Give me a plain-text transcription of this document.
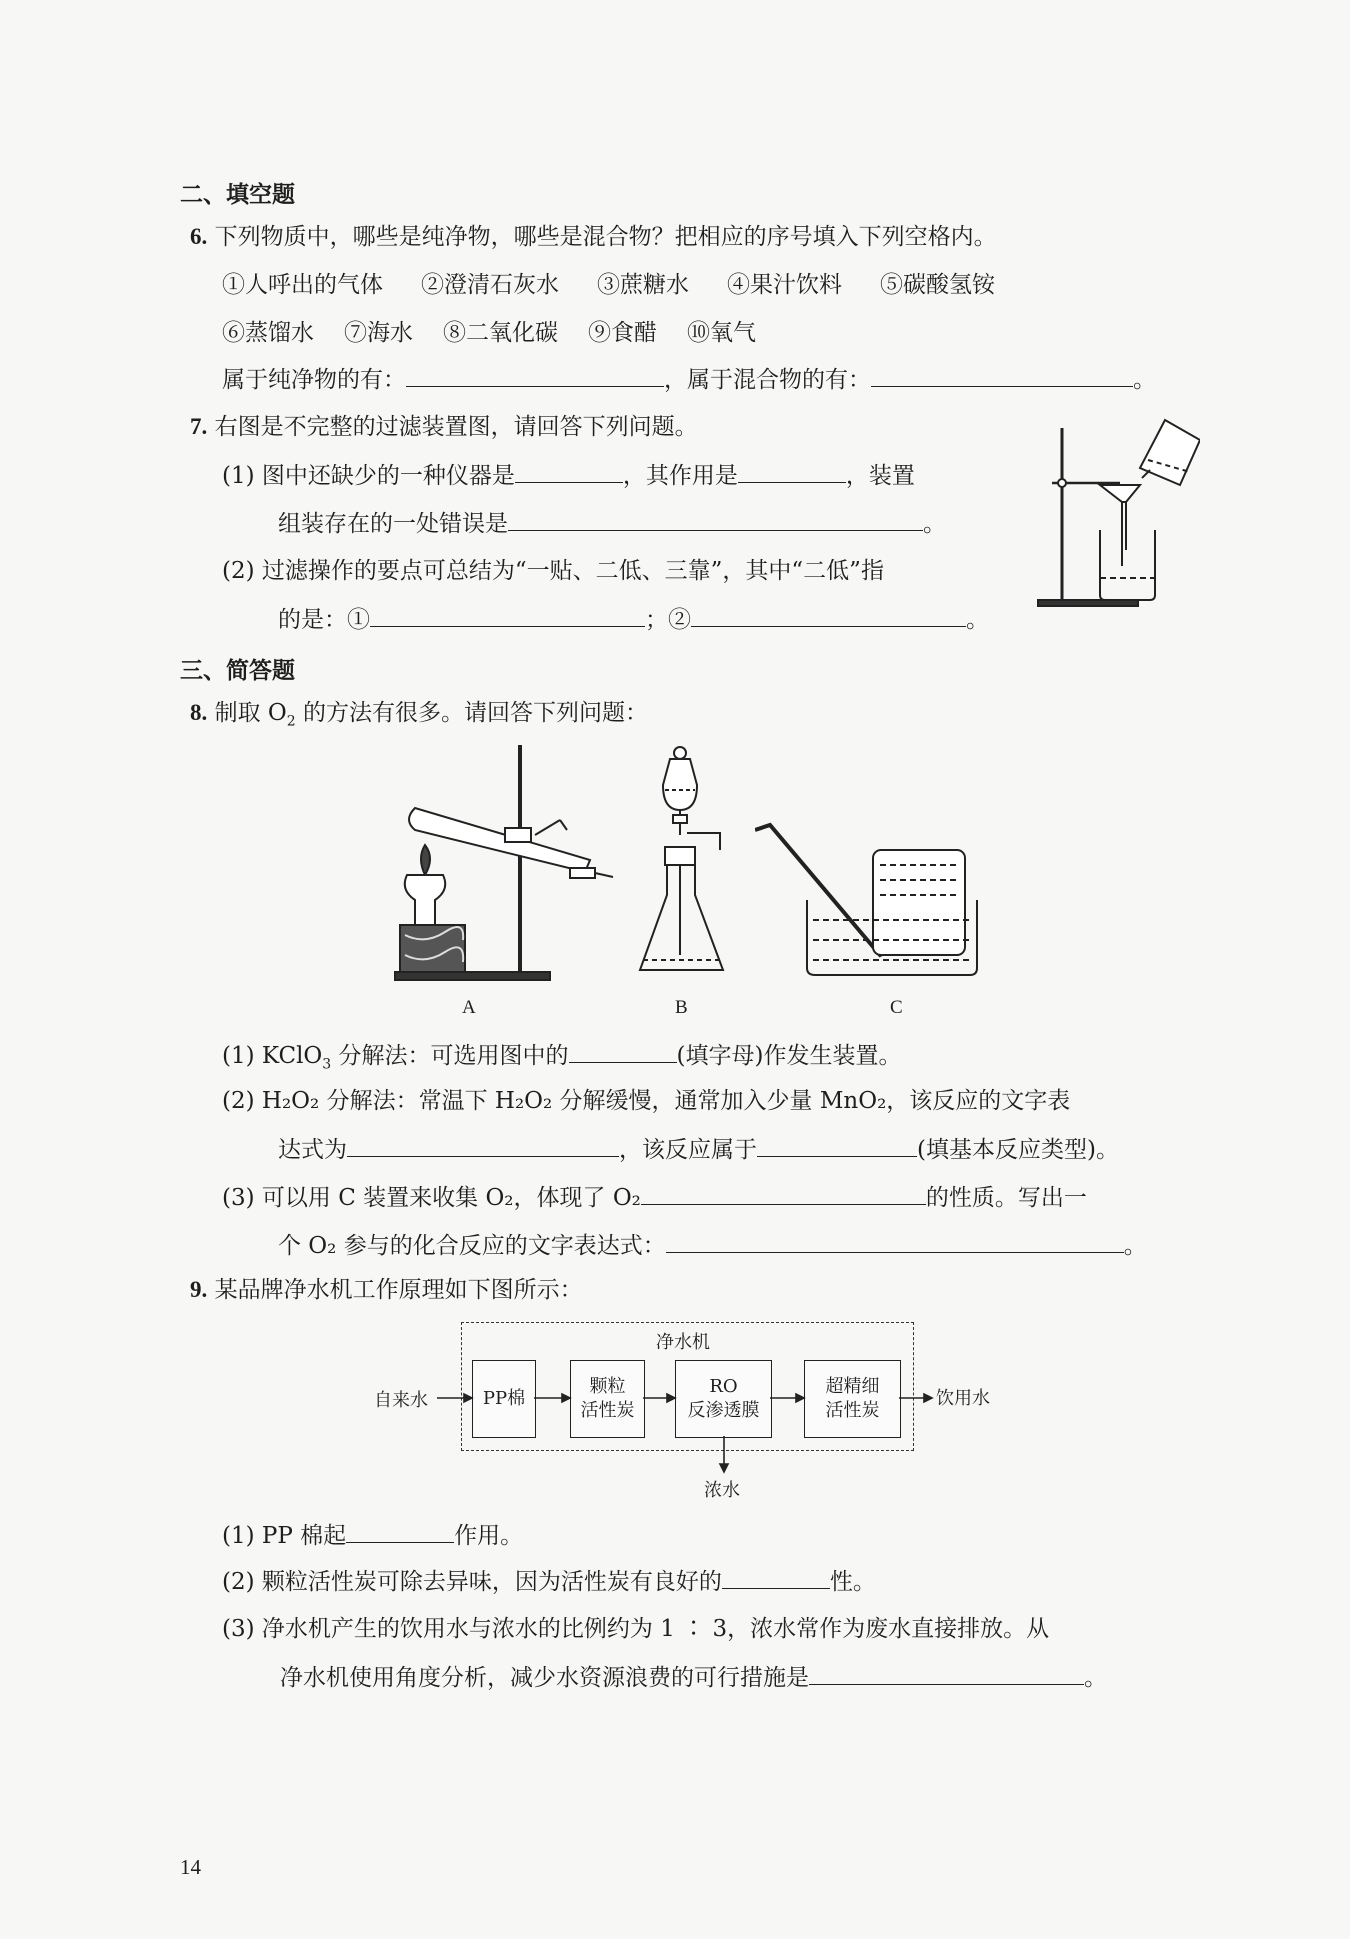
二、填空题
6. 下列物质中，哪些是纯净物，哪些是混合物？把相应的序号填入下列空格内。
①人呼出的气体 ②澄清石灰水 ③蔗糖水 ④果汁饮料 ⑤碳酸氢铵
⑥蒸馏水 ⑦海水 ⑧二氧化碳 ⑨食醋 ⑩氧气
属于纯净物的有：	，属于混合物的有：	。
7. 右图是不完整的过滤装置图，请回答下列问题。
(1) 图中还缺少的一种仪器是	，其作用是	，装置
组装存在的一处错误是	。
(2) 过滤操作的要点可总结为“一贴、二低、三靠”，其中“二低”指
的是：①	；②	。
三、简答题
8. 制取 $O_2$ 的方法有很多。请回答下列问题：
A	B	C
(1) KClO$_3$ 分解法：可选用图中的	(填字母)作发生装置。
(2) H₂O₂ 分解法：常温下 H₂O₂ 分解缓慢，通常加入少量 MnO₂，该反应的文字表
达式为	，该反应属于	(填基本反应类型)。
(3) 可以用 C 装置来收集 O₂，体现了 O₂	的性质。写出一
个 O₂ 参与的化合反应的文字表达式：	。
9. 某品牌净水机工作原理如下图所示：
净水机
自来水	PP棉
颗粒
活性炭
RO
反渗透膜
超精细
活性炭
饮用水
浓水
(1) PP 棉起	作用。
(2) 颗粒活性炭可除去异味，因为活性炭有良好的	性。
(3) 净水机产生的饮用水与浓水的比例约为 1 ∶ 3，浓水常作为废水直接排放。从
净水机使用角度分析，减少水资源浪费的可行措施是	。
14
